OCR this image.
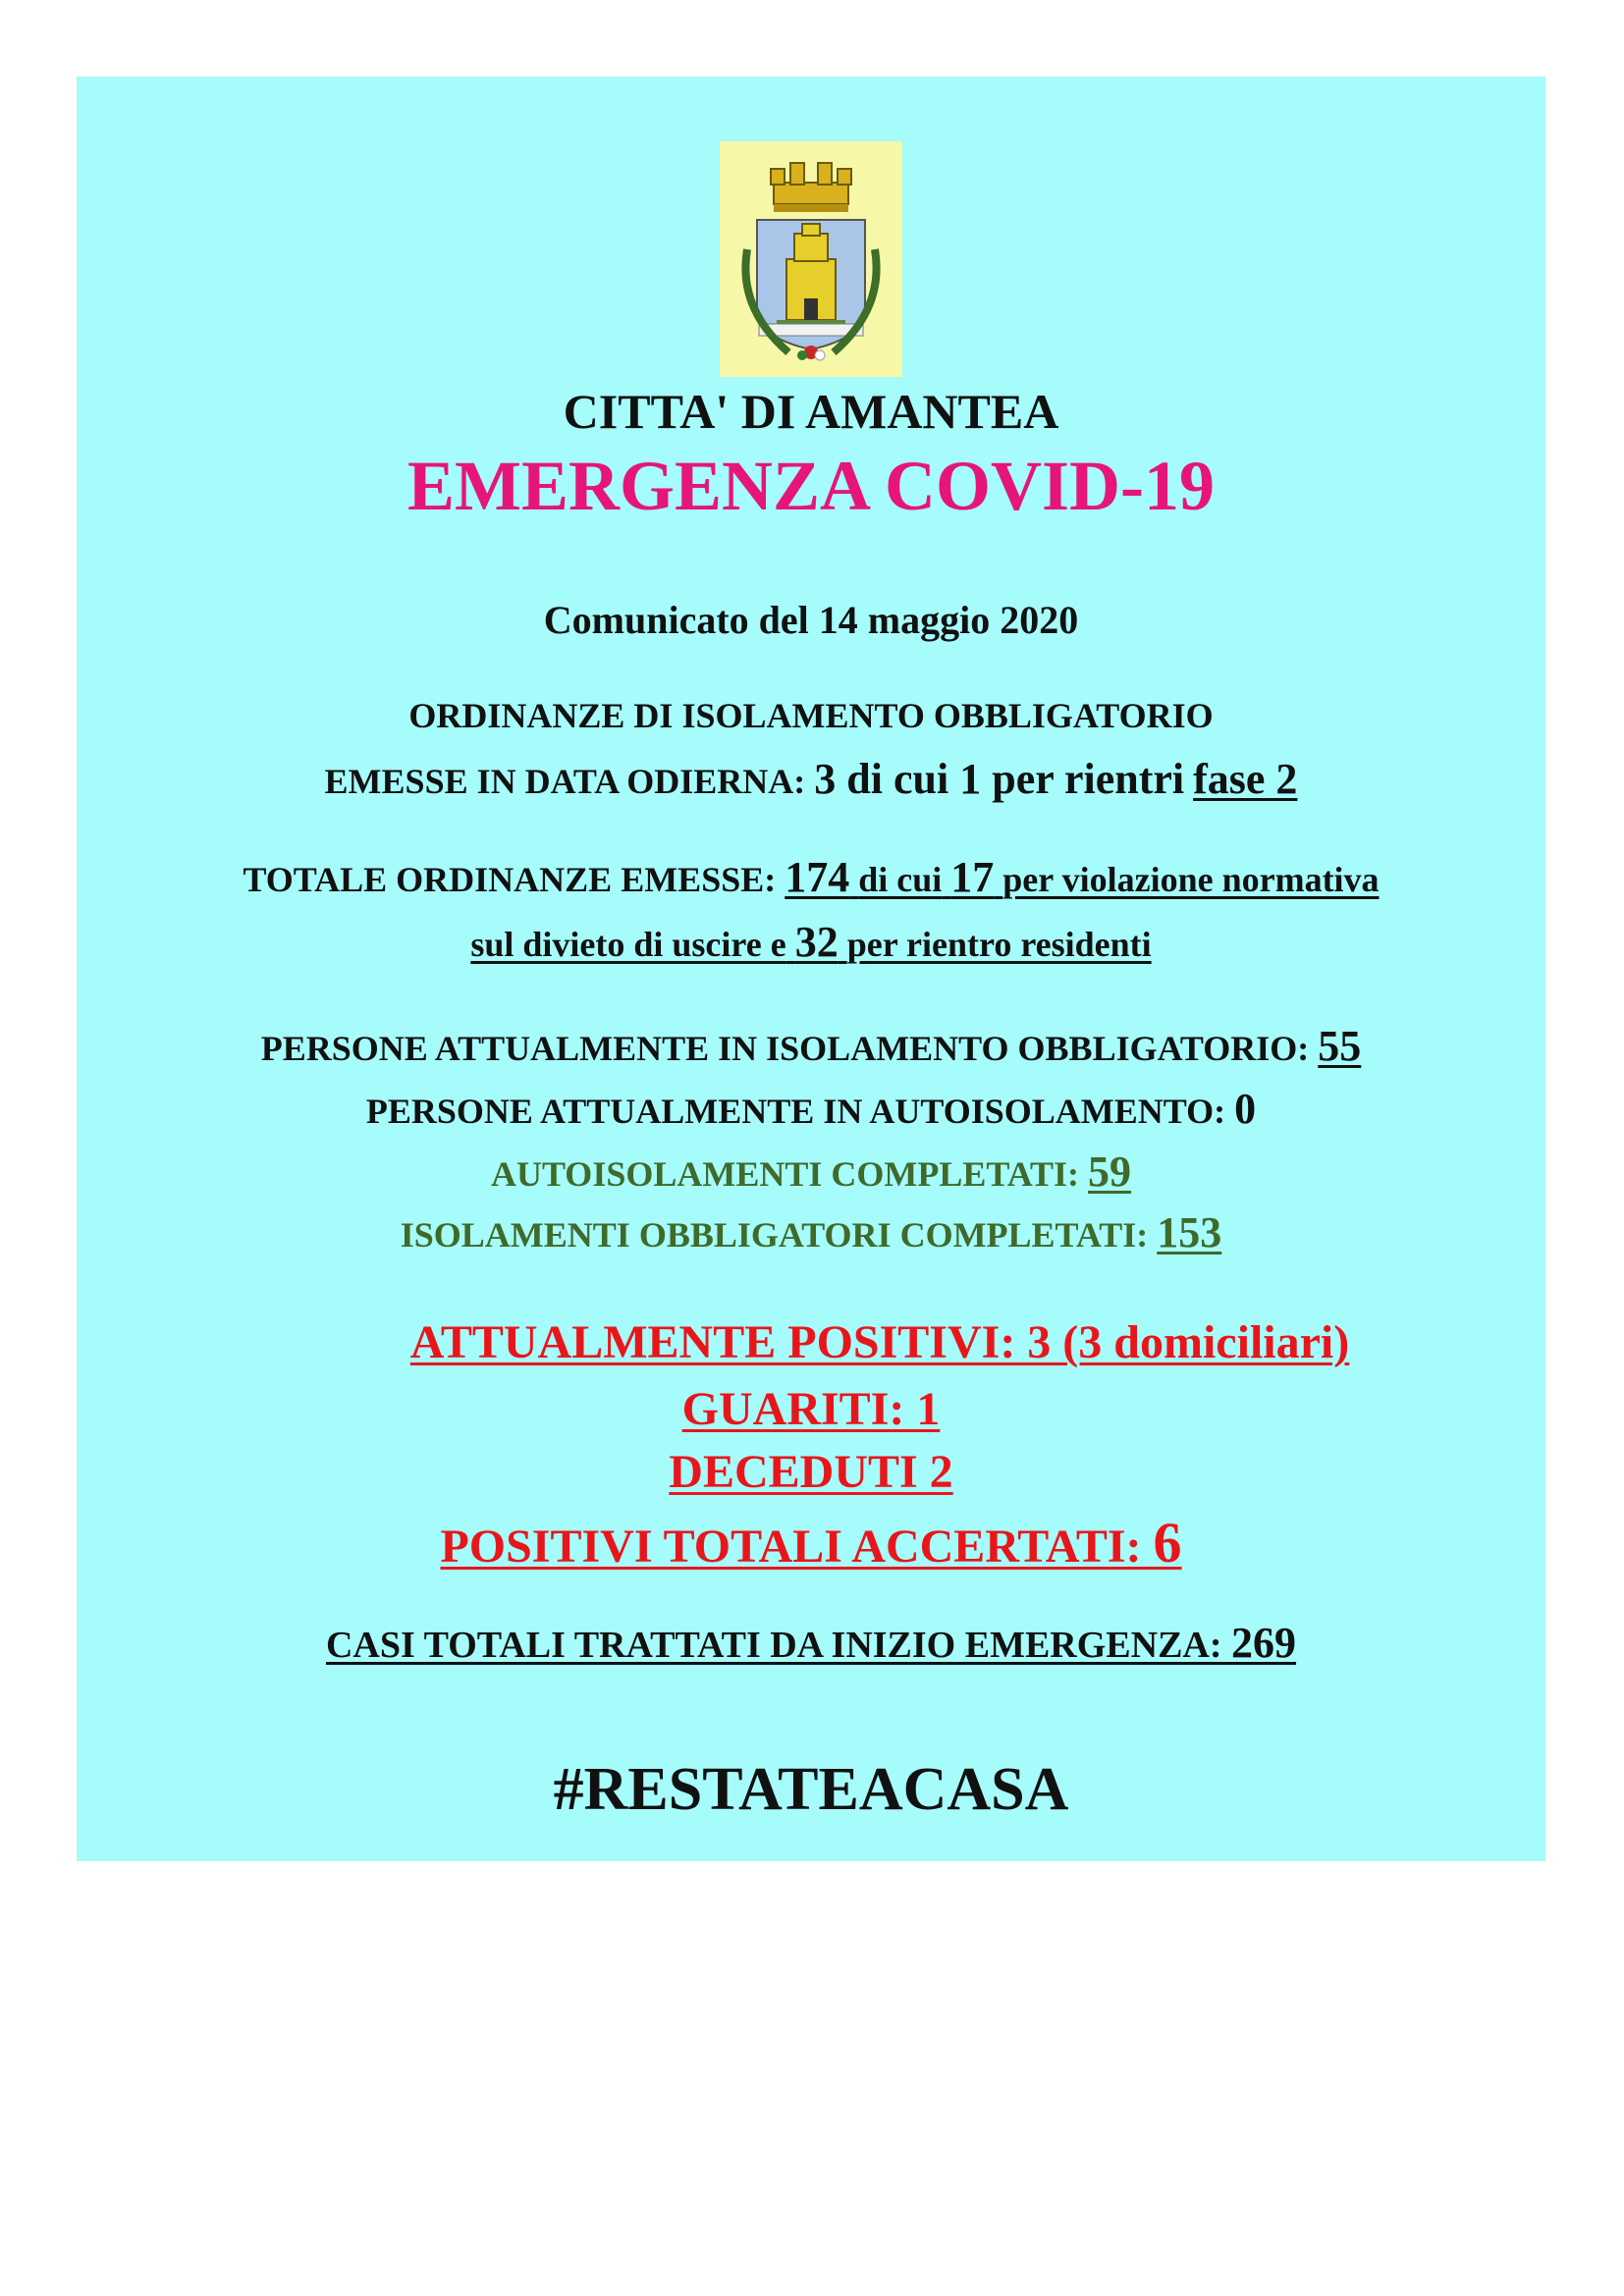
CITTA' DI AMANTEA
EMERGENZA COVID-19
Comunicato del 14 maggio 2020
ORDINANZE DI ISOLAMENTO OBBLIGATORIO
EMESSE IN DATA ODIERNA: 3 di cui 1 per rientri fase 2
TOTALE ORDINANZE EMESSE: 174 di cui 17 per violazione normativa
sul divieto di uscire e 32 per rientro residenti
PERSONE ATTUALMENTE IN ISOLAMENTO OBBLIGATORIO: 55
PERSONE ATTUALMENTE IN AUTOISOLAMENTO: 0
AUTOISOLAMENTI COMPLETATI: 59
ISOLAMENTI OBBLIGATORI COMPLETATI: 153
ATTUALMENTE POSITIVI: 3 (3 domiciliari)
GUARITI: 1
DECEDUTI 2
POSITIVI TOTALI ACCERTATI: 6
CASI TOTALI TRATTATI DA INIZIO EMERGENZA: 269
#RESTATEACASA
